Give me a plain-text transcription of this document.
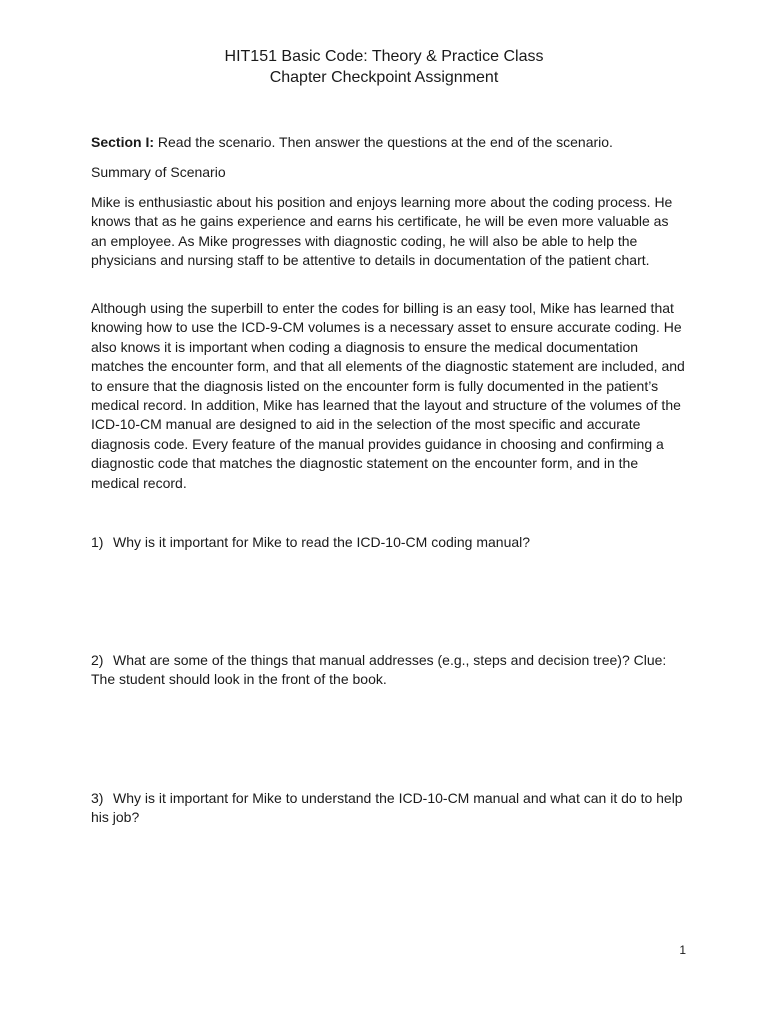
HIT151 Basic Code: Theory & Practice Class
Chapter Checkpoint Assignment

Section I: Read the scenario. Then answer the questions at the end of the scenario.

Summary of Scenario

Mike is enthusiastic about his position and enjoys learning more about the coding process. He knows that as he gains experience and earns his certificate, he will be even more valuable as an employee. As Mike progresses with diagnostic coding, he will also be able to help the physicians and nursing staff to be attentive to details in documentation of the patient chart.

Although using the superbill to enter the codes for billing is an easy tool, Mike has learned that knowing how to use the ICD-9-CM volumes is a necessary asset to ensure accurate coding. He also knows it is important when coding a diagnosis to ensure the medical documentation matches the encounter form, and that all elements of the diagnostic statement are included, and to ensure that the diagnosis listed on the encounter form is fully documented in the patient’s medical record. In addition, Mike has learned that the layout and structure of the volumes of the ICD-10-CM manual are designed to aid in the selection of the most specific and accurate diagnosis code. Every feature of the manual provides guidance in choosing and confirming a diagnostic code that matches the diagnostic statement on the encounter form, and in the medical record.

1) Why is it important for Mike to read the ICD-10-CM coding manual?

2) What are some of the things that manual addresses (e.g., steps and decision tree)? Clue: The student should look in the front of the book.

3) Why is it important for Mike to understand the ICD-10-CM manual and what can it do to help his job?

1
